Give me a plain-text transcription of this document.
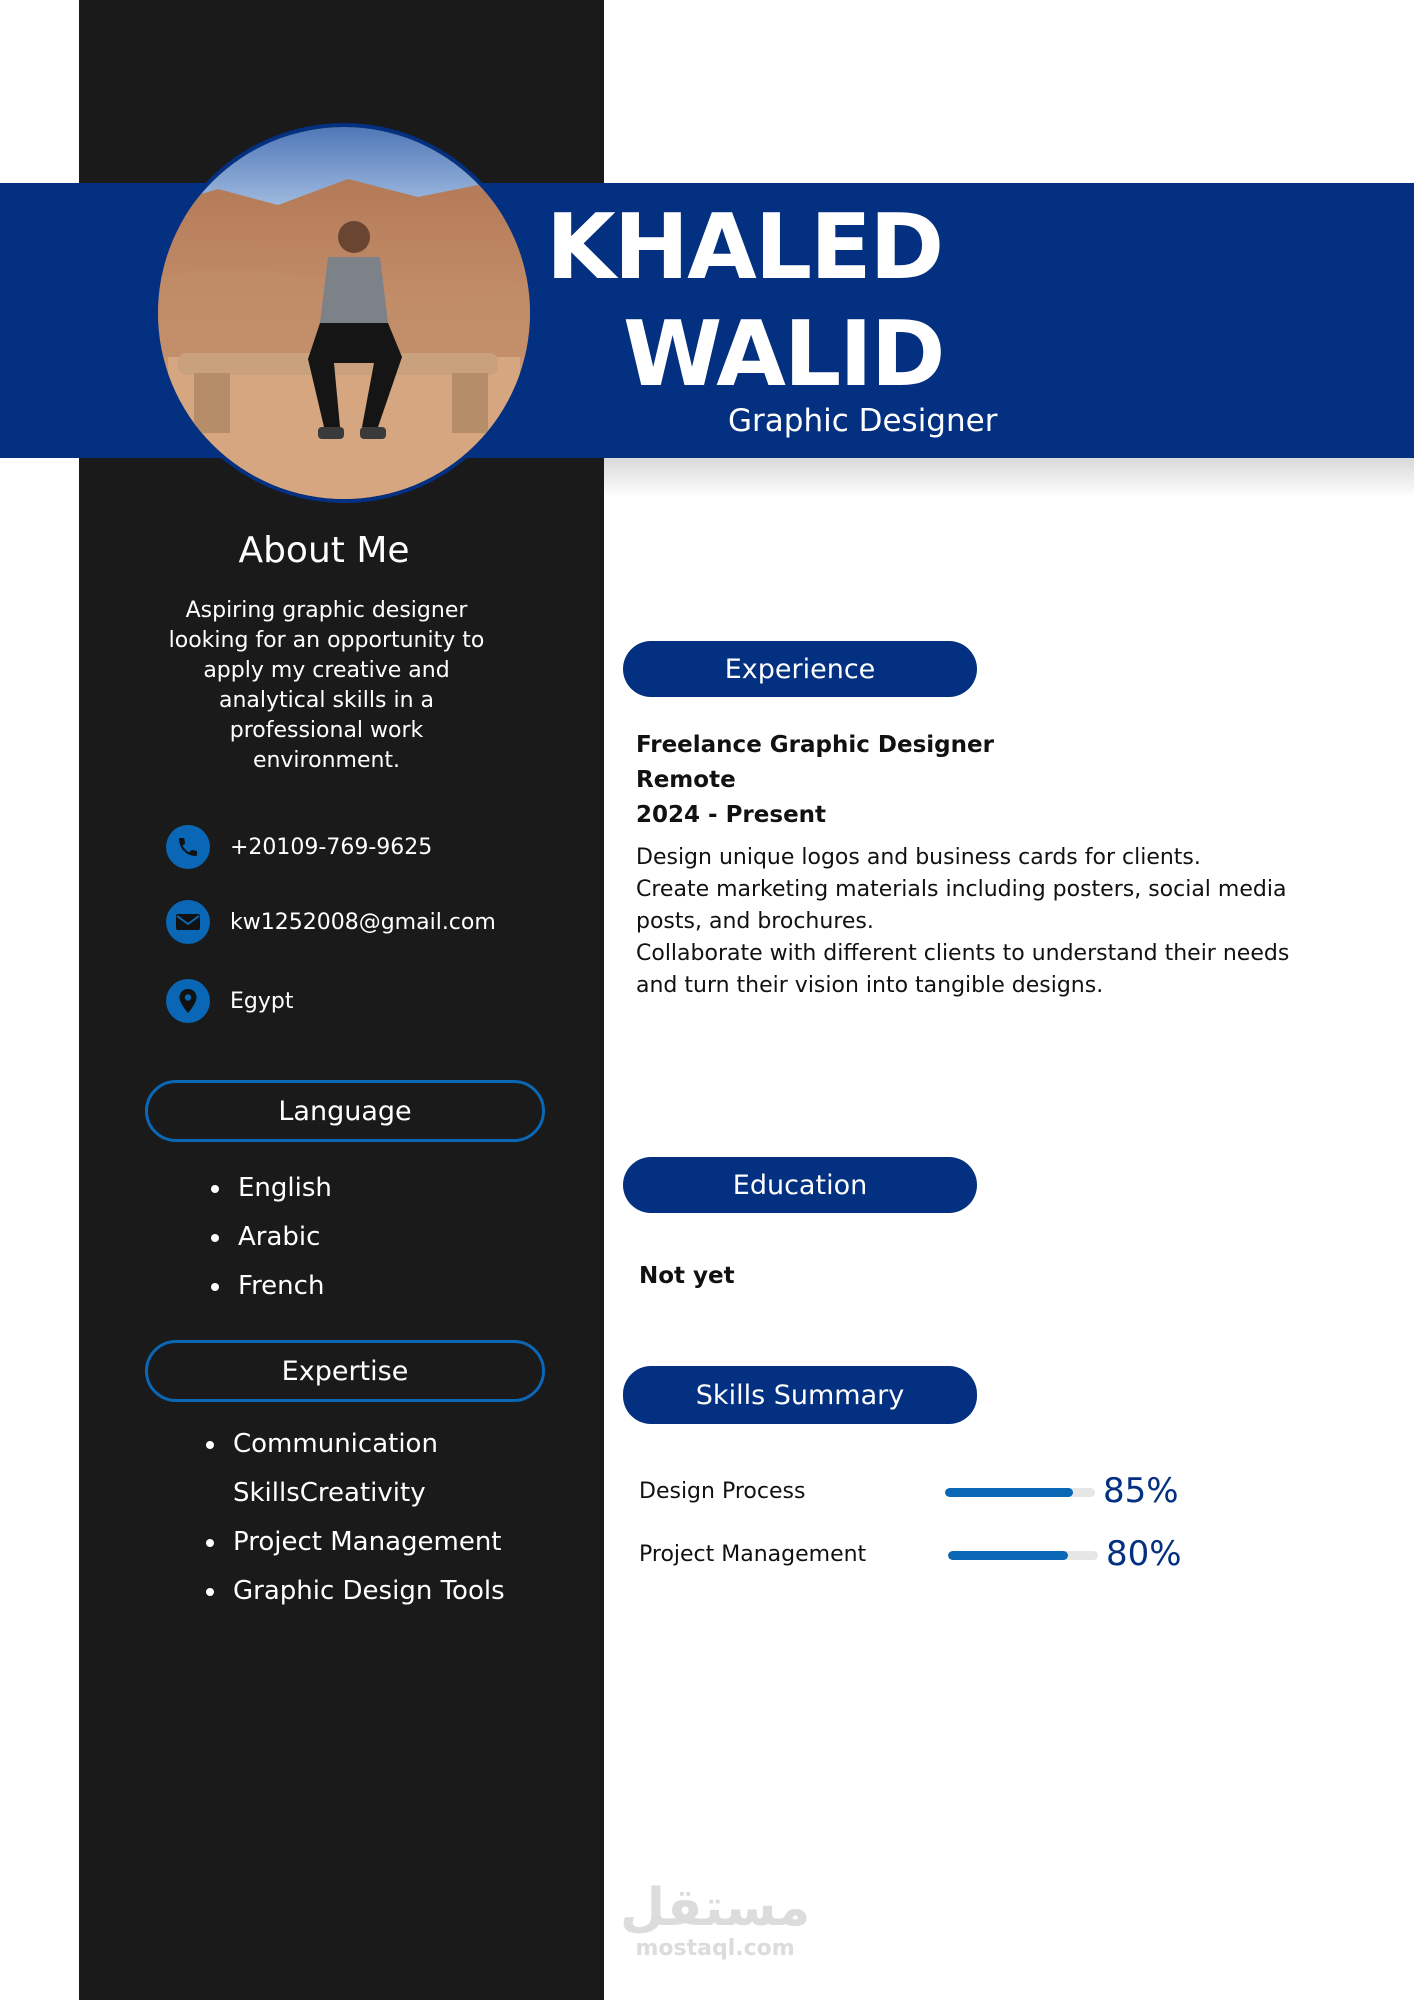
KHALED
WALID
Graphic Designer
About Me
Aspiring graphic designer looking for an opportunity to apply my creative and analytical skills in a professional work environment.
+20109-769-9625
kw1252008@gmail.com
Egypt
Language
English
Arabic
French
Expertise
Communication
SkillsCreativity
Project Management
Graphic Design Tools
Experience
Freelance Graphic Designer
Remote
2024 - Present
Design unique logos and business cards for clients.
Create marketing materials including posters, social media posts, and brochures.
Collaborate with different clients to understand their needs and turn their vision into tangible designs.
Education
Not yet
Skills Summary
Design Process	85%
Project Management	80%
مستقل
mostaql.com
